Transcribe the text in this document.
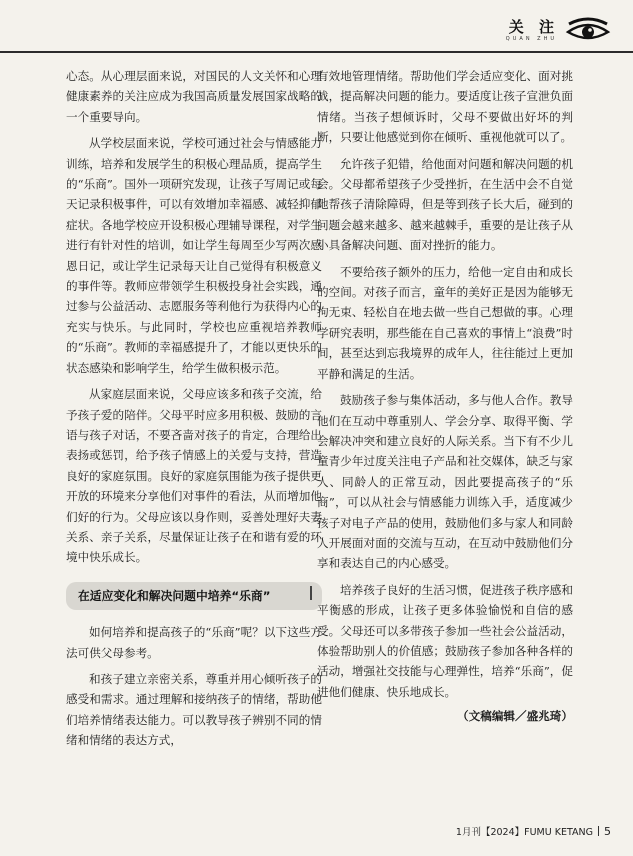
关 注
QUAN ZHU

心态。从心理层面来说，对国民的人文关怀和心理健康素养的关注应成为我国高质量发展国家战略的一个重要导向。

从学校层面来说，学校可通过社会与情感能力训练，培养和发展学生的积极心理品质，提高学生的“乐商”。国外一项研究发现，让孩子写周记或每天记录积极事件，可以有效增加幸福感、减轻抑郁症状。各地学校应开设积极心理辅导课程，对学生进行有针对性的培训，如让学生每周至少写两次感恩日记，或让学生记录每天让自己觉得有积极意义的事件等。教师应带领学生积极投身社会实践，通过参与公益活动、志愿服务等利他行为获得内心的充实与快乐。与此同时，学校也应重视培养教师的“乐商”。教师的幸福感提升了，才能以更快乐的状态感染和影响学生，给学生做积极示范。

从家庭层面来说，父母应该多和孩子交流，给予孩子爱的陪伴。父母平时应多用积极、鼓励的言语与孩子对话，不要吝啬对孩子的肯定，合理给出表扬或惩罚，给予孩子情感上的关爱与支持，营造良好的家庭氛围。良好的家庭氛围能为孩子提供更开放的环境来分享他们对事件的看法，从而增加他们好的行为。父母应该以身作则，妥善处理好夫妻关系、亲子关系，尽量保证让孩子在和谐有爱的环境中快乐成长。

在适应变化和解决问题中培养“乐商”

如何培养和提高孩子的“乐商”呢？以下这些方法可供父母参考。

和孩子建立亲密关系，尊重并用心倾听孩子的感受和需求。通过理解和接纳孩子的情绪，帮助他们培养情绪表达能力。可以教导孩子辨别不同的情绪和情绪的表达方式，

有效地管理情绪。帮助他们学会适应变化、面对挑战，提高解决问题的能力。要适度让孩子宣泄负面情绪。当孩子想倾诉时，父母不要做出好坏的判断，只要让他感觉到你在倾听、重视他就可以了。

允许孩子犯错，给他面对问题和解决问题的机会。父母都希望孩子少受挫折，在生活中会不自觉地帮孩子清除障碍，但是等到孩子长大后，碰到的问题会越来越多、越来越棘手，重要的是让孩子从小具备解决问题、面对挫折的能力。

不要给孩子额外的压力，给他一定自由和成长的空间。对孩子而言，童年的美好正是因为能够无拘无束、轻松自在地去做一些自己想做的事。心理学研究表明，那些能在自己喜欢的事情上“浪费”时间，甚至达到忘我境界的成年人，往往能过上更加平静和满足的生活。

鼓励孩子参与集体活动，多与他人合作。教导他们在互动中尊重别人、学会分享、取得平衡、学会解决冲突和建立良好的人际关系。当下有不少儿童青少年过度关注电子产品和社交媒体，缺乏与家人、同龄人的正常互动，因此要提高孩子的“乐商”，可以从社会与情感能力训练入手，适度减少孩子对电子产品的使用，鼓励他们多与家人和同龄人开展面对面的交流与互动，在互动中鼓励他们分享和表达自己的内心感受。

培养孩子良好的生活习惯，促进孩子秩序感和平衡感的形成，让孩子更多体验愉悦和自信的感受。父母还可以多带孩子参加一些社会公益活动，体验帮助别人的价值感；鼓励孩子参加各种各样的活动，增强社交技能与心理弹性，培养“乐商”，促进他们健康、快乐地成长。

（文稿编辑／盛兆琦）
1月刊【2024】FUMU KETANG 5
